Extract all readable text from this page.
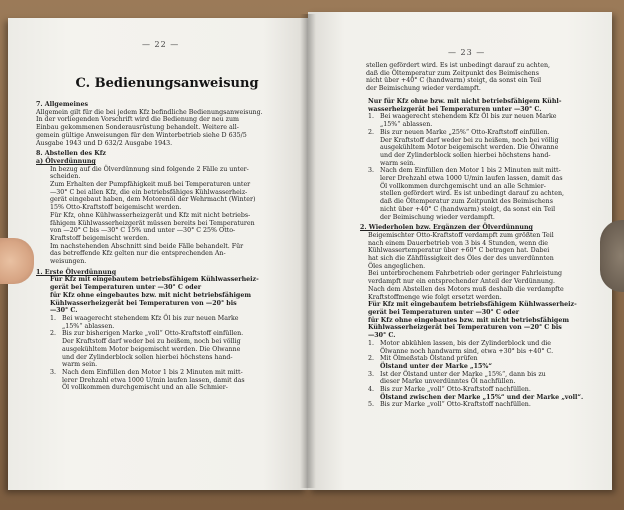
— 22 —
C. Bedienungsanweisung

7. Allgemeines

Allgemein gilt für die bei jedem Kfz befindliche Bedienungsanweisung.

In der vorliegenden Vorschrift wird die Bedienung der neu zum

Einbau gekommenen Sonderausrüstung behandelt. Weitere all-

gemein gültige Anweisungen für den Winterbetrieb siehe D 635/5

Ausgabe 1943 und D 632/2 Ausgabe 1943.

8. Abstellen des Kfz

a) Ölverdünnung

In bezug auf die Ölverdünnung sind folgende 2 Fälle zu unter-

scheiden.

Zum Erhalten der Pumpfähigkeit muß bei Temperaturen unter

—30° C bei allen Kfz, die ein betriebsfähiges Kühlwasserheiz-

gerät eingebaut haben, dem Motorenöl der Wehrmacht (Winter)

15% Otto-Kraftstoff beigemischt werden.

Für Kfz, ohne Kühlwasserheizgerät und Kfz mit nicht betriebs-

fähigem Kühlwasserheizgerät müssen bereits bei Temperaturen

von —20° C bis —30° C 15% und unter —30° C 25% Otto-

Kraftstoff beigemischt werden.

Im nachstehenden Abschnitt sind beide Fälle behandelt. Für

das betreffende Kfz gelten nur die entsprechenden An-

weisungen.

1. Erste Ölverdünnung

Für Kfz mit eingebautem betriebsfähigem Kühlwasserheiz-

gerät bei Temperaturen unter —30° C oder

für Kfz ohne eingebautes bzw. mit nicht betriebsfähigem

Kühlwasserheizgerät bei Temperaturen von —20° bis

—30° C.

1. Bei waagerecht stehendem Kfz Öl bis zur neuen Marke

„15%“ ablassen.

2. Bis zur bisherigen Marke „voll“ Otto-Kraftstoff einfüllen.

Der Kraftstoff darf weder bei zu heißem, noch bei völlig

ausgekühltem Motor beigemischt werden. Die Olwanne

und der Zylinderblock sollen hierbei höchstens hand-

warm sein.

3. Nach dem Einfüllen den Motor 1 bis 2 Minuten mit mitt-

lerer Drehzahl etwa 1000 U/min laufen lassen, damit das

Öl vollkommen durchgemischt und an alle Schmier-

— 23 —

stellen gefördert wird. Es ist unbedingt darauf zu achten,

daß die Öltemperatur zum Zeitpunkt des Beimischens

nicht über +40° C (handwarm) steigt, da sonst ein Teil

der Beimischung wieder verdampft.

Nur für Kfz ohne bzw. mit nicht betriebsfähigem Kühl-

wasserheizgerät bei Temperaturen unter —30° C.

1. Bei waagerecht stehendem Kfz Öl bis zur neuen Marke

„15%“ ablassen.

2. Bis zur neuen Marke „25%“ Otto-Kraftstoff einfüllen.

Der Kraftstoff darf weder bei zu heißem, noch bei völlig

ausgekühltem Motor beigemischt werden. Die Ölwanne

und der Zylinderblock sollen hierbei höchstens hand-

warm sein.

3. Nach dem Einfüllen den Motor 1 bis 2 Minuten mit mitt-

lerer Drehzahl etwa 1000 U/min laufen lassen, damit das

Öl vollkommen durchgemischt und an alle Schmier-

stellen gefördert wird. Es ist unbedingt darauf zu achten,

daß die Öltemperatur zum Zeitpunkt des Beimischens

nicht über +40° C (handwarm) steigt, da sonst ein Teil

der Beimischung wieder verdampft.

2. Wiederholen bzw. Ergänzen der Ölverdünnung

Beigemischter Otto-Kraftstoff verdampft zum größten Teil

nach einem Dauerbetrieb von 3 bis 4 Stunden, wenn die

Kühlwassertemperatur über +60° C betragen hat. Dabei

hat sich die Zähflüssigkeit des Öles der des unverdünnten

Öles angeglichen.

Bei unterbrochenem Fahrbetrieb oder geringer Fahrleistung

verdampft nur ein entsprechender Anteil der Verdünnung.

Nach dem Abstellen des Motors muß deshalb die verdampfte

Kraftstoffmenge wie folgt ersetzt werden.

Für Kfz mit eingebautem betriebsfähigem Kühlwasserheiz-

gerät bei Temperaturen unter —30° C oder

für Kfz ohne eingebautes bzw. mit nicht betriebsfähigem

Kühlwasserheizgerät bei Temperaturen von —20° C bis

—30° C.

1. Motor abkühlen lassen, bis der Zylinderblock und die

Ölwanne noch handwarm sind, etwa +30° bis +40° C.

2. Mit Ölmeßstab Ölstand prüfen

Ölstand unter der Marke „15%“

3. Ist der Ölstand unter der Marke „15%“, dann bis zu

dieser Marke unverdünntes Öl nachfüllen.

4. Bis zur Marke „voll“ Otto-Kraftstoff nachfüllen.

Ölstand zwischen der Marke „15%“ und der Marke „voll“.

5. Bis zur Marke „voll“ Otto-Kraftstoff nachfüllen.
